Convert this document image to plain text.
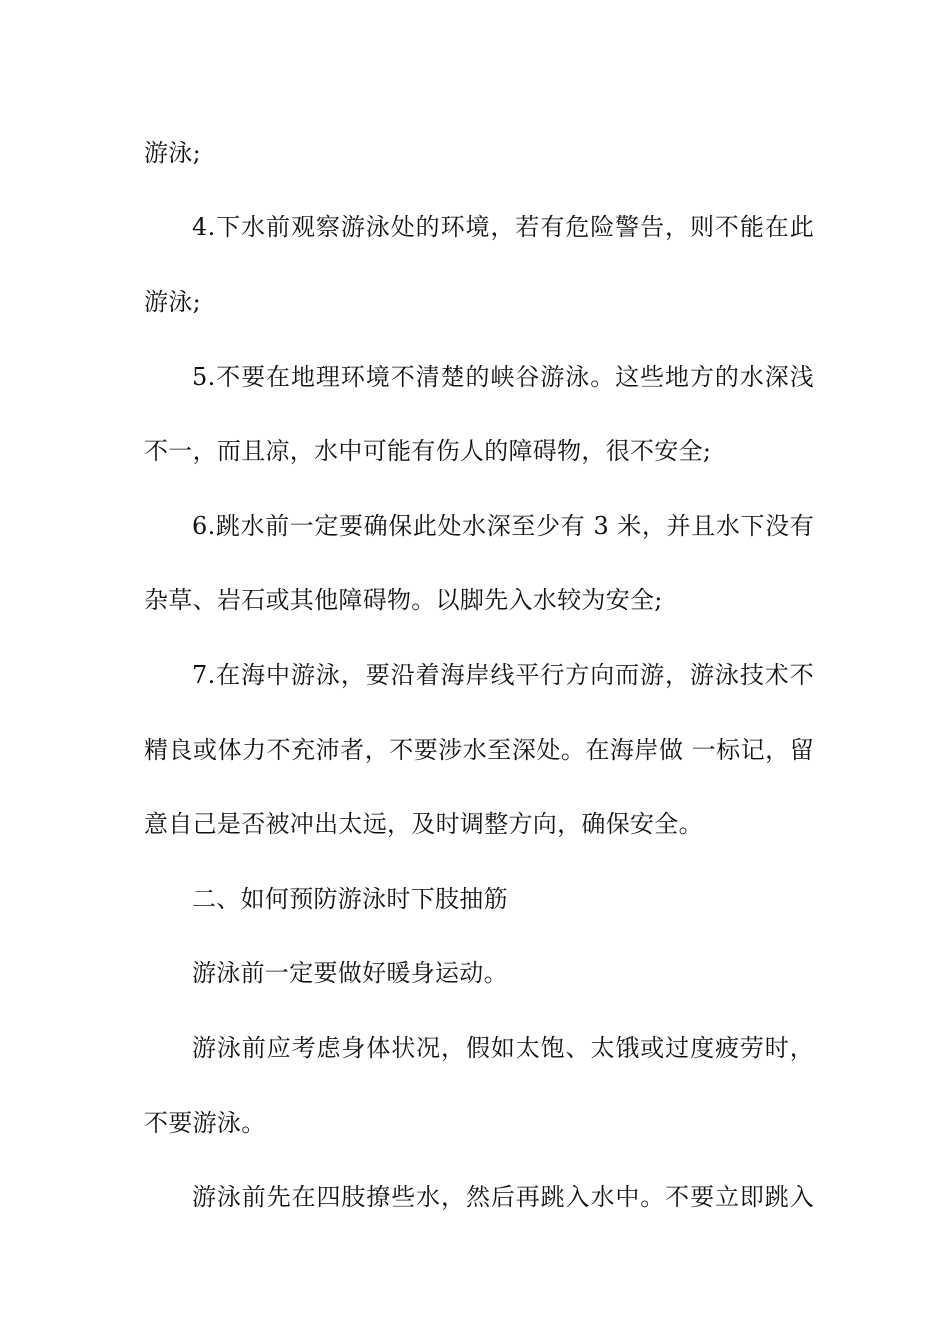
游泳;
4.下水前观察游泳处的环境，若有危险警告，则不能在此
游泳;
5.不要在地理环境不清楚的峡谷游泳。这些地方的水深浅
不一，而且凉，水中可能有伤人的障碍物，很不安全;
6.跳水前一定要确保此处水深至少有 3 米，并且水下没有
杂草、岩石或其他障碍物。以脚先入水较为安全;
7.在海中游泳，要沿着海岸线平行方向而游，游泳技术不
精良或体力不充沛者，不要涉水至深处。在海岸做 一标记，留
意自己是否被冲出太远，及时调整方向，确保安全。
二、如何预防游泳时下肢抽筋
游泳前一定要做好暖身运动。
游泳前应考虑身体状况，假如太饱、太饿或过度疲劳时，
不要游泳。
游泳前先在四肢撩些水，然后再跳入水中。不要立即跳入
